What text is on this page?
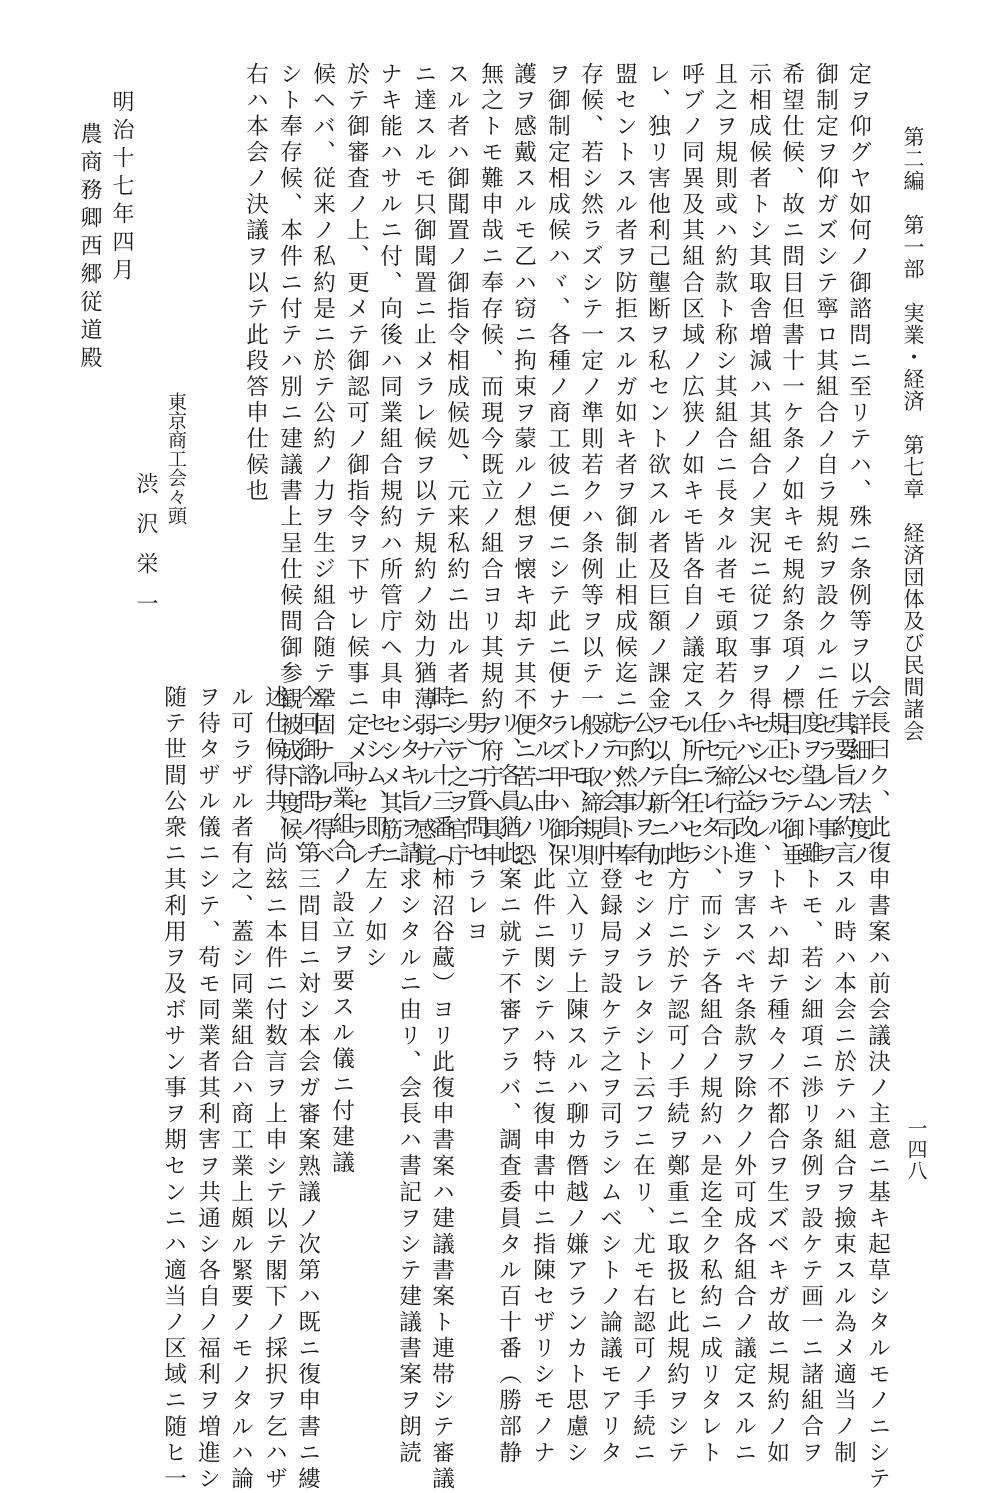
第二編　第一部　実業・経済　第七章　経済団体及び民間諸会
一四八
定ヲ仰グヤ如何ノ御諮問ニ至リテハ、殊ニ条例等ヲ以テ詳細ノ法度ノ
御制定ヲ仰ガズシテ寧ロ其組合ノ自ラ規約ヲ設クルニ任ゼラレン事ヲ
希望仕候、故ニ問目但書十一ケ条ノ如キモ規約条項ノ標目トシテ御垂
示相成候者トシ其取舎増減ハ其組合ノ実況ニ従フ事ヲ得セシメラレ、
且之ヲ規則或ハ約款ト称シ其組合ニ長タル者モ頭取若クハ元締行司ト
呼ブノ同異及其組合区域ノ広狭ノ如キモ皆各自ノ議定スル所ニ任セラ
レ、独リ害他利己壟断ヲ私セント欲スル者及巨額ノ課金ヲ以テ新ニ加
盟セントスル者ヲ防拒スルガ如キ者ヲ御制止相成候迄ニテ可然事ト奉
存候、若シ然ラズシテ一定ノ準則若クハ条例等ヲ以テ一般ノ取締規則
ヲ御制定相成候ハヾ、各種ノ商工彼ニ便ニシテ此ニ便ナラズ甲ハ御保
護ヲ感戴スルモ乙ハ窃ニ拘束ヲ蒙ルノ想ヲ懐キ却テ其不便ニ苦ムノ恐
無之トモ難申哉ニ奉存候、而現今既立ノ組合ヨリ其規約ヲ府庁ヘ具申
スル者ハ御聞置ノ御指令相成候処、元来私約ニ出ル者ニシテ之ヲ官庁
ニ達スルモ只御聞置ニ止メラレ候ヲ以テ規約ノ効力猶薄弱ナルノ感覚
ナキ能ハサルニ付、向後ハ同業組合規約ハ所管庁ヘ具申セシメ其筋ニ
於テ御審査ノ上、更メテ御認可ノ御指令ヲ下サレ候事ニ定メサセラレ
候ヘバ、従来ノ私約是ニ於テ公約ノ力ヲ生ジ組合随テ鞏固ナルヲ得ベ
シト奉存候、本件ニ付テハ別ニ建議書上呈仕候間御参観被成下度候、
右ハ本会ノ決議ヲ以テ此段答申仕候也
東京商工会々頭
渋沢栄一
明治十七年四月
農商務卿西郷従道殿
会長曰ク、此復申書案ハ前会議決ノ主意ニ基キ起草シタルモノニシテ
其要旨ヲ約言スル時ハ本会ニ於テハ組合ヲ撿束スル為メ適当ノ制
度ヲ望ムト雖トモ、若シ細項ニ渉リ条例ヲ設ケテ画一ニ諸組合ヲ
規正セラル、トキハ却テ種々ノ不都合ヲ生ズベキガ故ニ規約ノ如
キハ公益改進ヲ害スベキ条款ヲ除クノ外可成各組合ノ議定スルニ
任セラレタシ、而シテ各組合ノ規約ハ是迄全ク私約ニ成リタレト
モ、自今ハ地方庁ニ於テ認可ノ手続ヲ鄭重ニ取扱ヒ此規約ヲシテ
公約ノ力ヲ有セシメラレタシト云フニ在リ、尤モ右認可ノ手続ニ
就テハ会員中登録局ヲ設ケテ之ヲ司ラシムベシトノ論議モアリタ
レトモ、余リ立入リテ上陳スルハ聊カ僭越ノ嫌アランカト思慮シ
タルニ由リ、此件ニ関シテハ特ニ復申書中ニ指陳セザリシモノナ
リ、各員猶此案ニ就テ不審アラバ、調査委員タル百十番（勝部静
男）ニ質問セラレヨ
時ニ六十三番（柿沼谷蔵）ヨリ此復申書案ハ建議書案ト連帯シテ審議
シタキ旨ヲ請求シタルニ由リ、会長ハ書記ヲシテ建議書案ヲ朗読
セシム、即チ左ノ如シ
同業組合ノ設立ヲ要スル儀ニ付建議
今回御諮問ノ第三問目ニ対シ本会ガ審案熟議ノ次第ハ既ニ復申書ニ縷
述仕候得共、尚玆ニ本件ニ付数言ヲ上申シテ以テ閣下ノ採択ヲ乞ハザ
ル可ラザル者有之、蓋シ同業組合ハ商工業上頗ル緊要ノモノタルハ論
ヲ待タザル儀ニシテ、苟モ同業者其利害ヲ共通シ各自ノ福利ヲ増進シ
随テ世間公衆ニ其利用ヲ及ボサン事ヲ期センニハ適当ノ区域ニ随ヒ一
